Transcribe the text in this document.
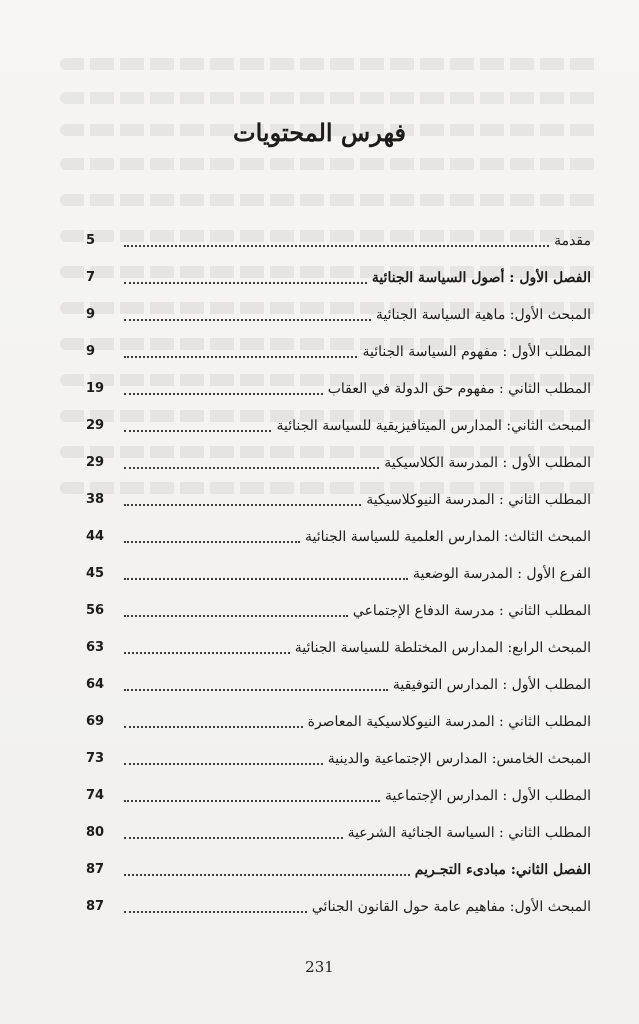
فهرس المحتويات
مقدمة
5
الفصل الأول : أصول السياسة الجنائية
7
المبحث الأول: ماهية السياسة الجنائية
9
المطلب الأول : مفهوم السياسة الجنائية
9
المطلب الثاني : مفهوم حق الدولة في العقاب
19
المبحث الثاني: المدارس الميتافيزيقية للسياسة الجنائية
29
المطلب الأول : المدرسة الكلاسيكية
29
المطلب الثاني : المدرسة النيوكلاسيكية
38
المبحث الثالث: المدارس العلمية للسياسة الجنائية
44
الفرع الأول : المدرسة الوضعية
45
المطلب الثاني : مدرسة الدفاع الإجتماعي
56
المبحث الرابع: المدارس المختلطة للسياسة الجنائية
63
المطلب الأول : المدارس التوفيقية
64
المطلب الثاني : المدرسة النيوكلاسيكية المعاصرة
69
المبحث الخامس: المدارس الإجتماعية والدينية
73
المطلب الأول : المدارس الإجتماعية
74
المطلب الثاني : السياسة الجنائية الشرعية
80
الفصل الثاني: مبادىء التجـريم
87
المبحث الأول: مفاهيم عامة حول القانون الجنائي
87
231
